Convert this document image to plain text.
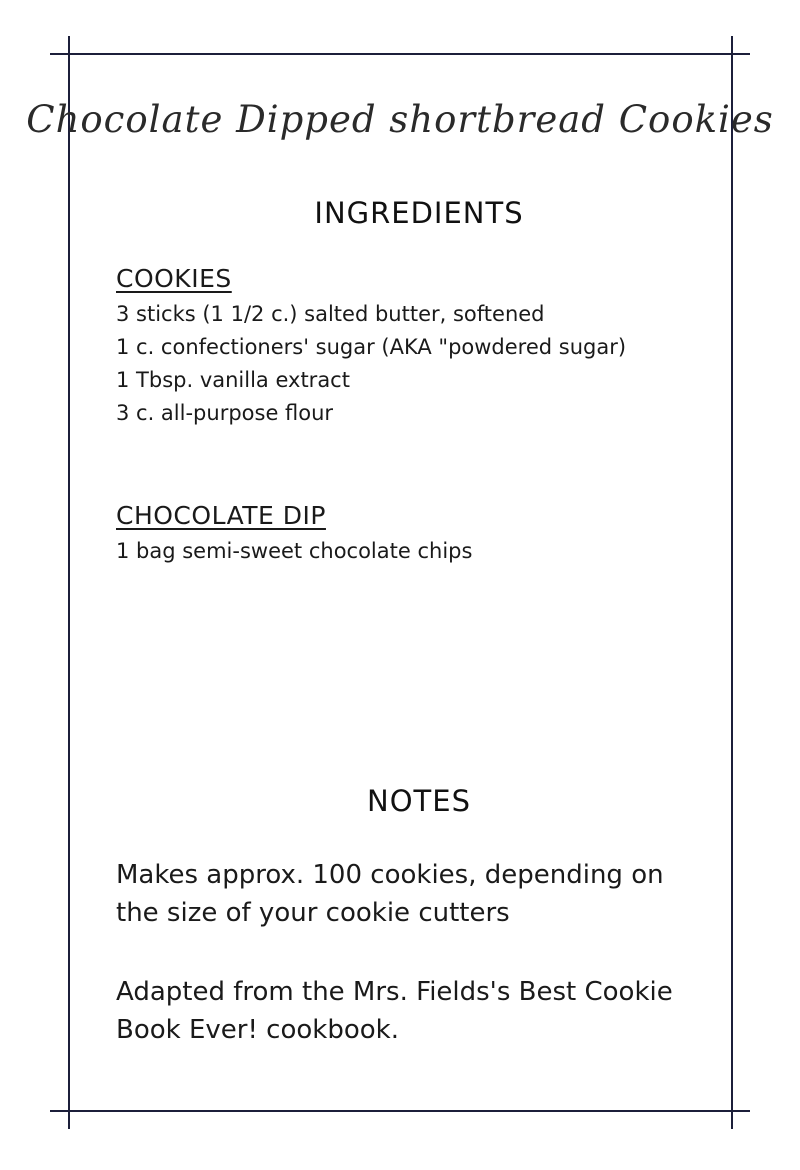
Chocolate Dipped shortbread Cookies
INGREDIENTS
COOKIES
3 sticks (1 1/2 c.) salted butter, softened
1 c. confectioners' sugar (AKA "powdered sugar)
1 Tbsp. vanilla extract
3 c. all-purpose flour
CHOCOLATE DIP
1 bag semi-sweet chocolate chips
NOTES
Makes approx. 100 cookies, depending on the size of your cookie cutters
Adapted from the Mrs. Fields's Best Cookie Book Ever! cookbook.
